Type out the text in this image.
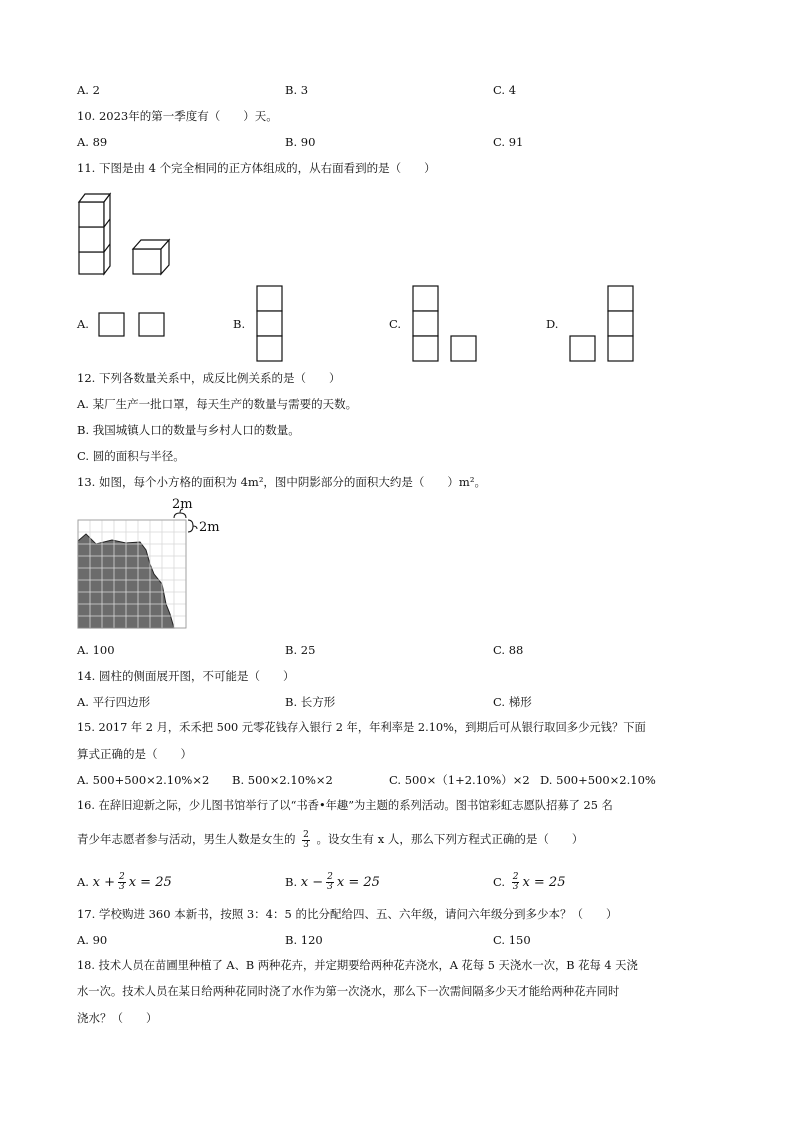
A. 2	B. 3	C. 4
10. 2023年的第一季度有（　　）天。
A. 89	B. 90	C. 91
11. 下图是由 4 个完全相同的正方体组成的，从右面看到的是（　　）
A.	B.	C.	D.
12. 下列各数量关系中，成反比例关系的是（　　）
A. 某厂生产一批口罩，每天生产的数量与需要的天数。
B. 我国城镇人口的数量与乡村人口的数量。
C. 圆的面积与半径。
13. 如图，每个小方格的面积为 4m²，图中阴影部分的面积大约是（　　）m²。
2m
2m
A. 100	B. 25	C. 88
14. 圆柱的侧面展开图，不可能是（　　）
A. 平行四边形	B. 长方形	C. 梯形
15. 2017 年 2 月，禾禾把 500 元零花钱存入银行 2 年，年利率是 2.10%，到期后可从银行取回多少元钱？下面
算式正确的是（　　）
A. 500+500×2.10%×2 B. 500×2.10%×2	C. 500×（1+2.10%）×2 D. 500+500×2.10%
16. 在辞旧迎新之际，少儿图书馆举行了以“书香•年趣”为主题的系列活动。图书馆彩虹志愿队招募了 25 名
青少年志愿者参与活动，男生人数是女生的 $\frac{2}{3}$ 。设女生有 x 人，那么下列方程式正确的是（　　）
A. $x + \frac{2}{3}$ x = 25	B. $x - \frac{2}{3}$ x = 25	C. $\frac{2}{3}$ x = 25
17. 学校购进 360 本新书，按照 3：4：5 的比分配给四、五、六年级，请问六年级分到多少本？（　　）
A. 90	B. 120	C. 150
18. 技术人员在苗圃里种植了 A、B 两种花卉，并定期要给两种花卉浇水，A 花每 5 天浇水一次，B 花每 4 天浇
水一次。技术人员在某日给两种花同时浇了水作为第一次浇水，那么下一次需间隔多少天才能给两种花卉同时
浇水？（　　）
